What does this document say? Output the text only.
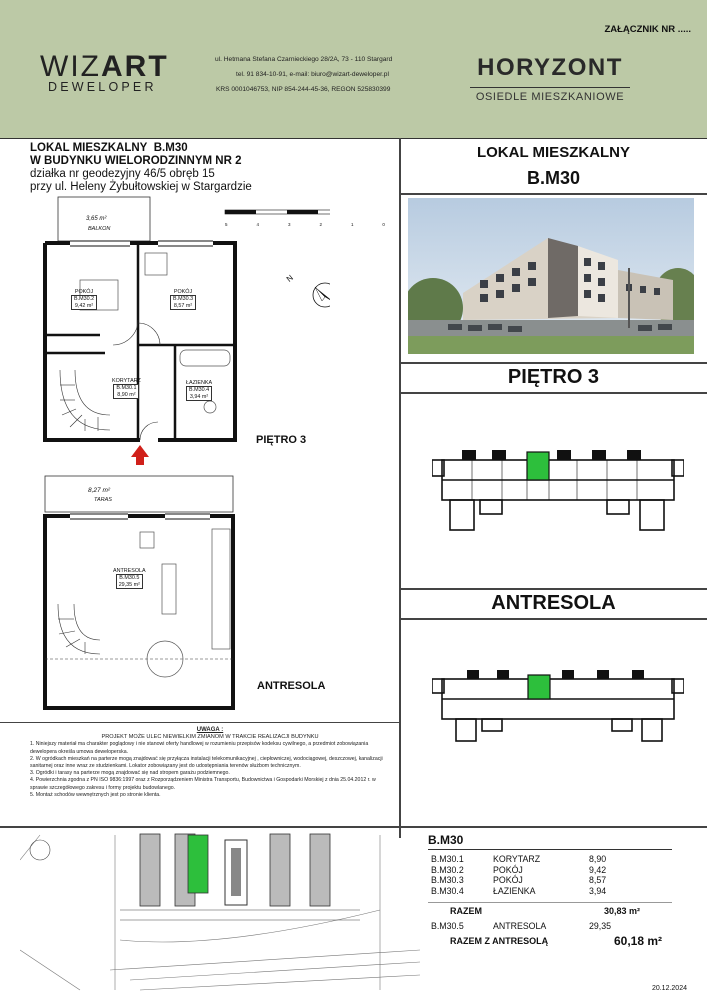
WIZART
DEWELOPER
ul. Hetmana Stefana Czarnieckiego 28/2A, 73 - 110 Stargard
tel. 91 834-10-91, e-mail: biuro@wizart-deweloper.pl
KRS 0001046753, NIP 854-244-45-36, REGON 525830399
ZAŁĄCZNIK NR .....
HORYZONT
OSIEDLE MIESZKANIOWE
LOKAL MIESZKALNY B.M30
W BUDYNKU WIELORODZINNYM NR 2
działka nr geodezyjny 46/5 obręb 15
przy ul. Heleny Żybułtowskiej w Stargardzie
LOKAL MIESZKALNY
B.M30
PIĘTRO 3
ANTRESOLA
5	4	3	2	1	0
N
3,65 m²
BALKON
POKÓJ
B.M30.2
9,42 m²
POKÓJ
B.M30.3
8,57 m²
KORYTARZ
B.M30.1
8,90 m²
ŁAZIENKA
B.M30.4
3,94 m²
PIĘTRO 3
8,27 m²
TARAS
ANTRESOLA
B.M30.5
29,35 m²
ANTRESOLA
UWAGA :
PROJEKT MOŻE ULEC NIEWIELKIM ZMIANOM W TRAKCIE REALIZACJI BUDYNKU
1. Niniejszy materiał ma charakter poglądowy i nie stanowi oferty handlowej w rozumieniu przepisów kodeksu cywilnego, a przedmiot zobowiązania dewelopera określa umowa deweloperska.
2. W ogródkach mieszkań na parterze mogą znajdować się przyłącza instalacji telekomunikacyjnej , ciepłowniczej, wodociągowej, deszczowej, kanalizacji sanitarnej oraz inne wraz ze studzienkami. Lokator zobowiązany jest do udostępniania terenów służbom technicznym.
3. Ogródki i tarasy na parterze mogą znajdować się nad stropem garażu podziemnego.
4. Powierzchnia zgodna z PN ISO 9836:1997 oraz z Rozporządzeniem Ministra Transportu, Budownictwa i Gospodarki Morskiej z dnia 25.04.2012 r. w sprawie szczegółowego zakresu i formy projektu budowlanego.
5. Montaż schodów wewnętrznych jest po stronie klienta.
B.M30
B.M30.1	KORYTARZ	8,90
B.M30.2	POKÓJ	9,42
B.M30.3	POKÓJ	8,57
B.M30.4	ŁAZIENKA	3,94
RAZEM	30,83 m²
B.M30.5	ANTRESOLA	29,35
RAZEM Z ANTRESOLĄ	60,18 m²
20.12.2024
